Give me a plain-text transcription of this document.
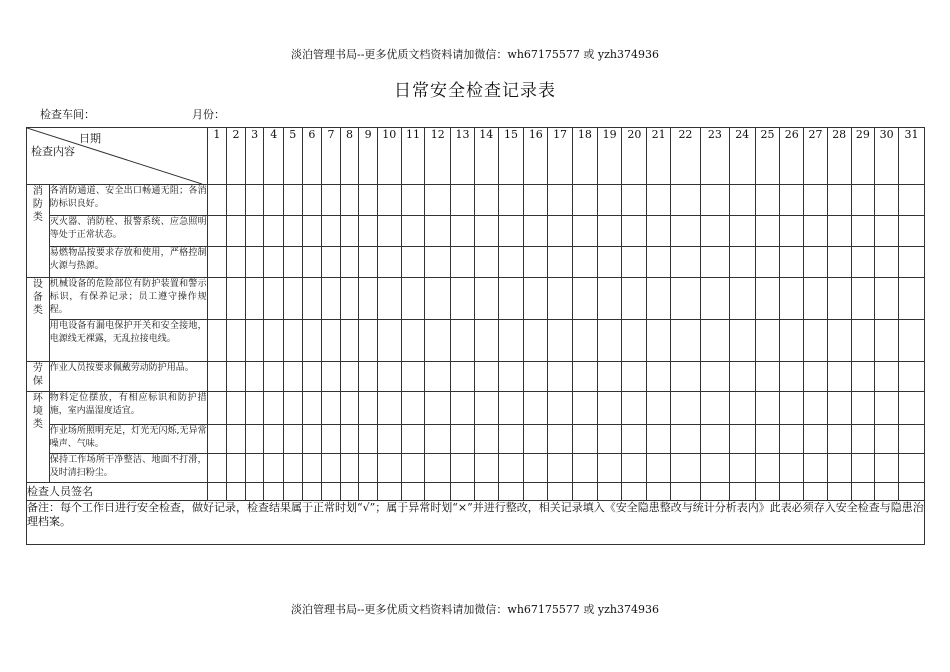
淡泊管理书局--更多优质文档资料请加微信：wh67175577 或 yzh374936
日常安全检查记录表
检查车间：	月份：
日期
检查内容		1	2	3	4	5	6	7	8	9	10	11	12	13	14	15	16	17	18	19	20	21	22	23	24	25	26	27	28	29	30	31

消
防
类	各消防通道、安全出口畅通无阻；各消防标识良好。																															
	灭火器、消防栓、报警系统、应急照明等处于正常状态。																															
	易燃物品按要求存放和使用，严格控制火源与热源。																															

设
备
类	机械设备的危险部位有防护装置和警示标识，有保养记录；员工遵守操作规程。																															
	用电设备有漏电保护开关和安全接地，电源线无裸露，无乱拉接电线。																															

劳
保	作业人员按要求佩戴劳动防护用品。																															

环
境
类	物料定位摆放，有相应标识和防护措施，室内温湿度适宜。																															
	作业场所照明充足，灯光无闪烁,无异常噪声、气味。																															
	保持工作场所干净整洁、地面不打滑，及时清扫粉尘。																															
检查人员签名																																
备注：每个工作日进行安全检查，做好记录，检查结果属于正常时划“√”；属于异常时划“×”并进行整改，相关记录填入《安全隐患整改与统计分析表内》此表必须存入安全检查与隐患治理档案。																																
淡泊管理书局--更多优质文档资料请加微信：wh67175577 或 yzh374936
